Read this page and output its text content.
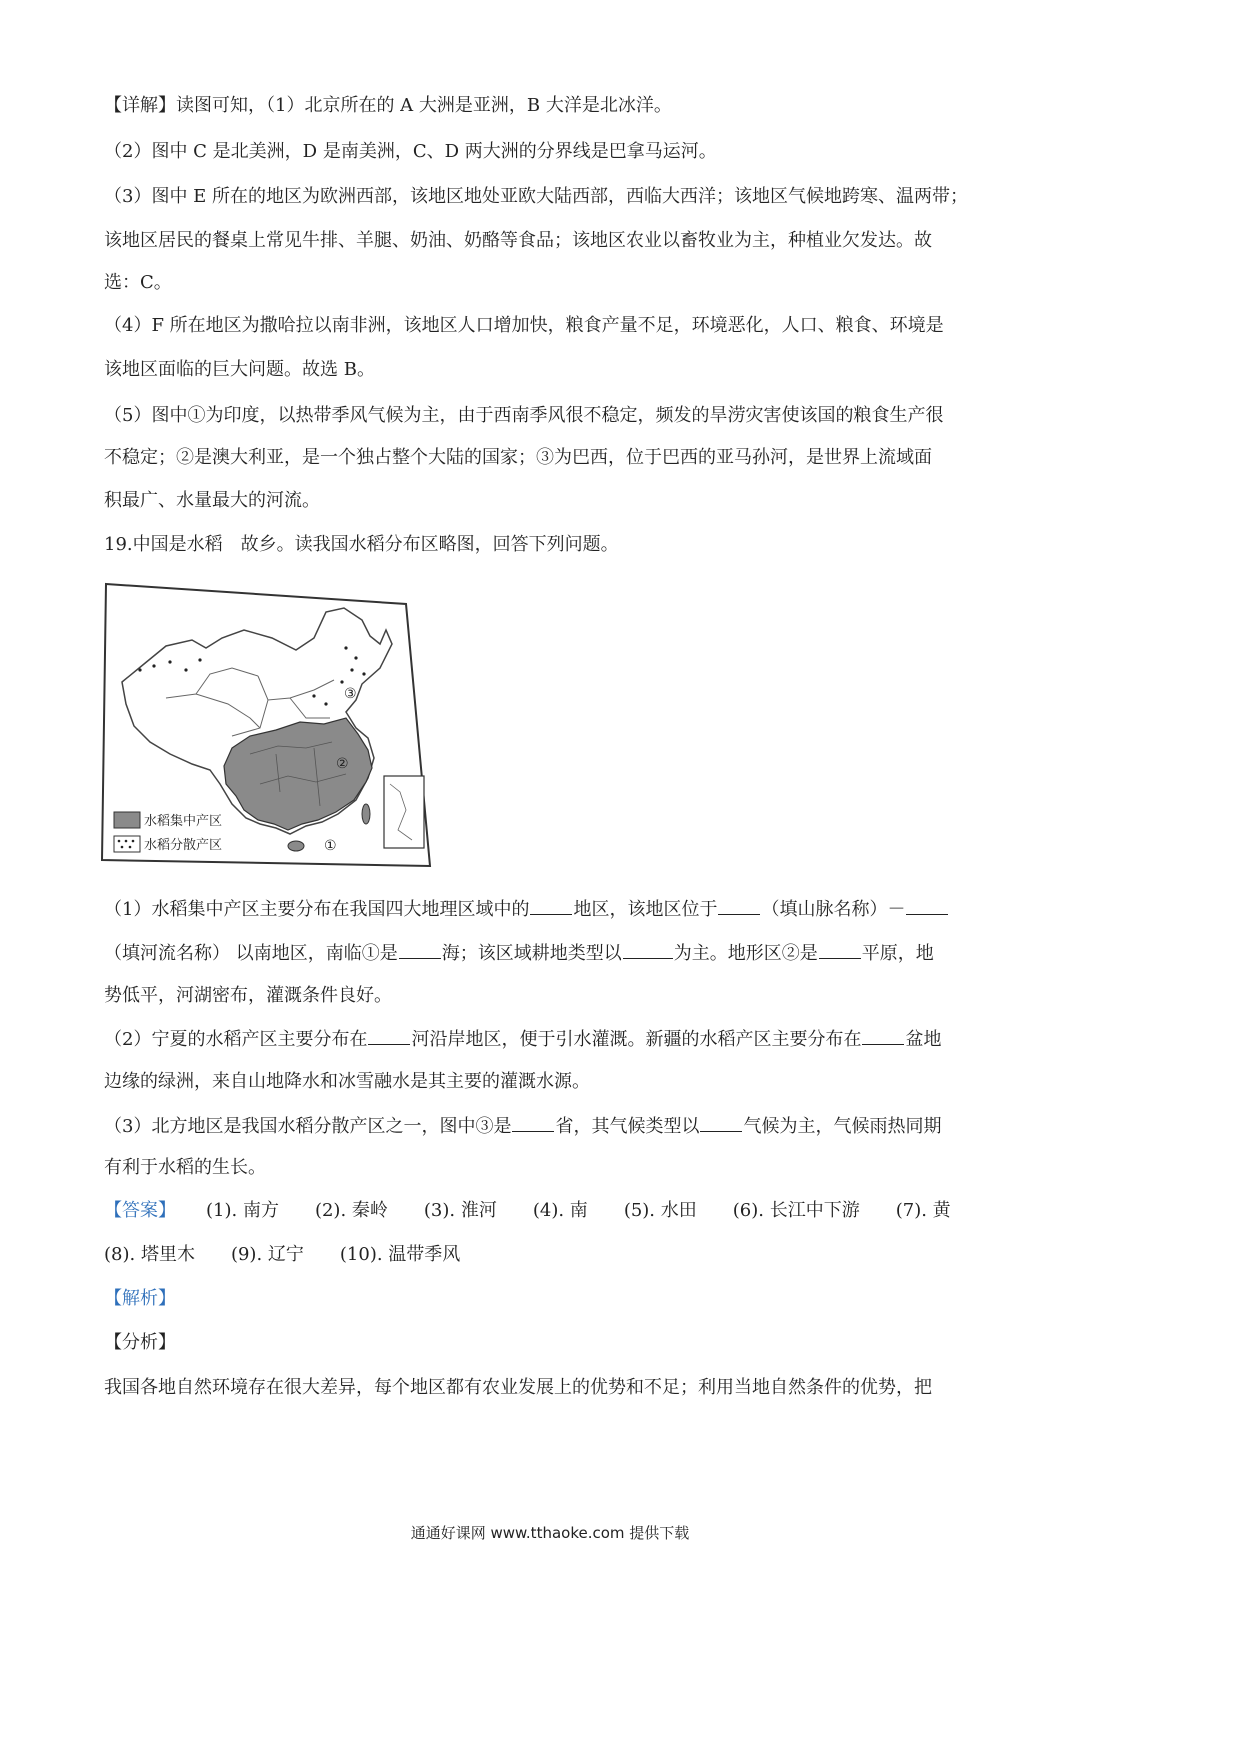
【详解】读图可知，（1）北京所在的 A 大洲是亚洲，B 大洋是北冰洋。
（2）图中 C 是北美洲，D 是南美洲，C、D 两大洲的分界线是巴拿马运河。
（3）图中 E 所在的地区为欧洲西部，该地区地处亚欧大陆西部，西临大西洋；该地区气候地跨寒、温两带；
该地区居民的餐桌上常见牛排、羊腿、奶油、奶酪等食品；该地区农业以畜牧业为主，种植业欠发达。故
选：C。
（4）F 所在地区为撒哈拉以南非洲，该地区人口增加快，粮食产量不足，环境恶化，人口、粮食、环境是
该地区面临的巨大问题。故选 B。
（5）图中①为印度，以热带季风气候为主，由于西南季风很不稳定，频发的旱涝灾害使该国的粮食生产很
不稳定；②是澳大利亚，是一个独占整个大陆的国家；③为巴西，位于巴西的亚马孙河，是世界上流域面
积最广、水量最大的河流。
19.中国是水稻　故乡。读我国水稻分布区略图，回答下列问题。
水稻集中产区
水稻分散产区
③
②
①
（1）水稻集中产区主要分布在我国四大地理区域中的 地区，该地区位于 （填山脉名称）－
（填河流名称） 以南地区，南临①是 海；该区域耕地类型以	为主。地形区②是 平原，地
势低平，河湖密布，灌溉条件良好。
（2）宁夏的水稻产区主要分布在 河沿岸地区，便于引水灌溉。新疆的水稻产区主要分布在 盆地
边缘的绿洲，来自山地降水和冰雪融水是其主要的灌溉水源。
（3）北方地区是我国水稻分散产区之一，图中③是 省，其气候类型以 气候为主，气候雨热同期
有利于水稻的生长。
【答案】 (1). 南方 (2). 秦岭 (3). 淮河 (4). 南 (5). 水田 (6). 长江中下游 (7). 黄
(8). 塔里木 (9). 辽宁 (10). 温带季风
【解析】
【分析】
我国各地自然环境存在很大差异，每个地区都有农业发展上的优势和不足；利用当地自然条件的优势，把
通通好课网 www.tthaoke.com 提供下载
